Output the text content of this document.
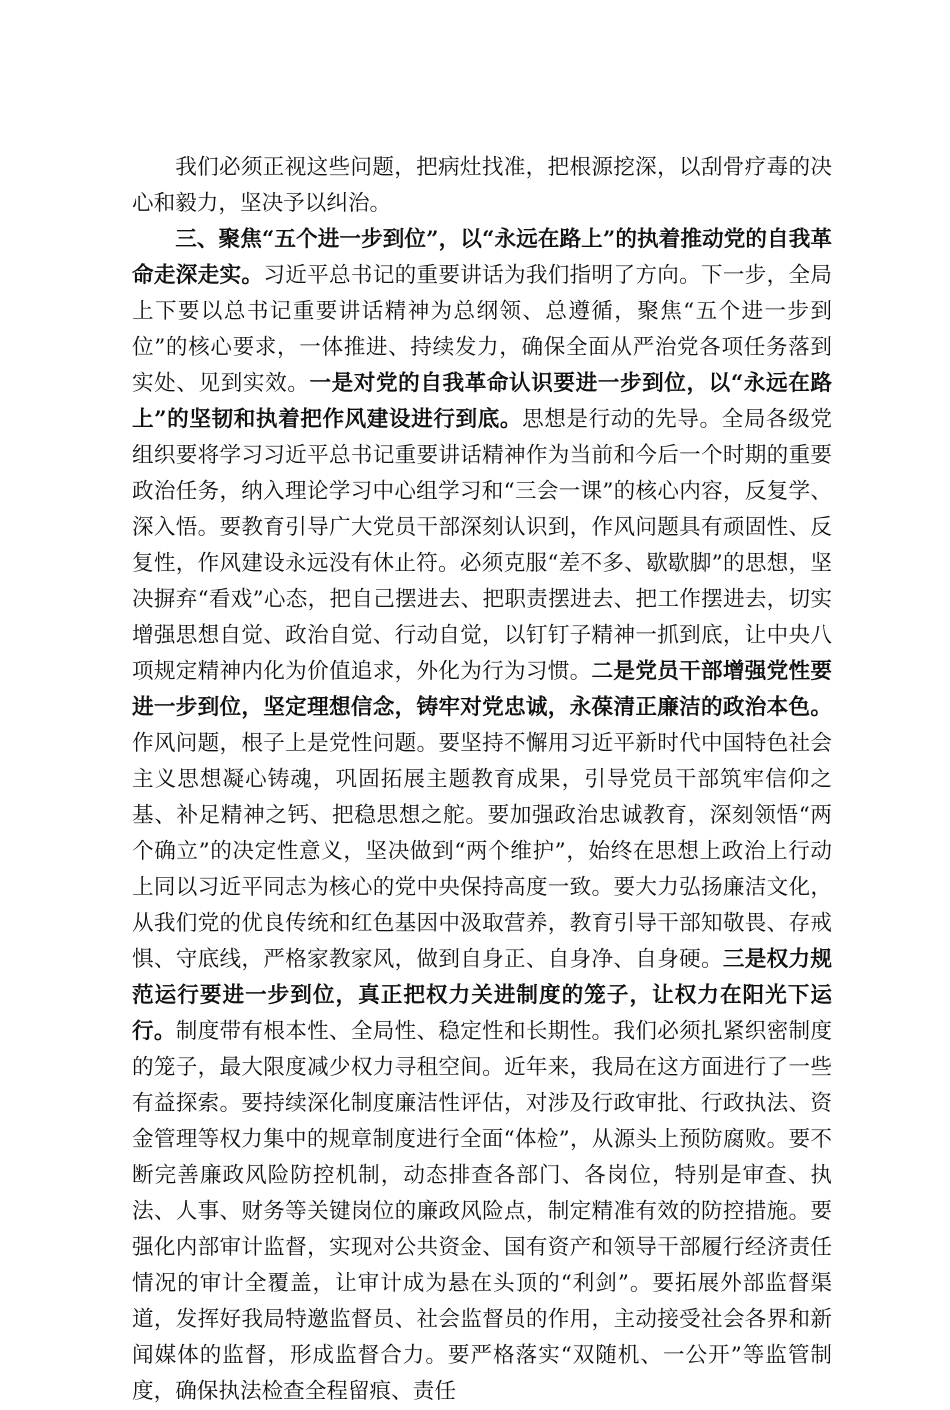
我们必须正视这些问题，把病灶找准，把根源挖深，以刮骨疗毒的决心和毅力，坚决予以纠治。

三、聚焦“五个进一步到位”，以“永远在路上”的执着推动党的自我革命走深走实。习近平总书记的重要讲话为我们指明了方向。下一步，全局上下要以总书记重要讲话精神为总纲领、总遵循，聚焦“五个进一步到位”的核心要求，一体推进、持续发力，确保全面从严治党各项任务落到实处、见到实效。一是对党的自我革命认识要进一步到位，以“永远在路上”的坚韧和执着把作风建设进行到底。思想是行动的先导。全局各级党组织要将学习习近平总书记重要讲话精神作为当前和今后一个时期的重要政治任务，纳入理论学习中心组学习和“三会一课”的核心内容，反复学、深入悟。要教育引导广大党员干部深刻认识到，作风问题具有顽固性、反复性，作风建设永远没有休止符。必须克服“差不多、歇歇脚”的思想，坚决摒弃“看戏”心态，把自己摆进去、把职责摆进去、把工作摆进去，切实增强思想自觉、政治自觉、行动自觉，以钉钉子精神一抓到底，让中央八项规定精神内化为价值追求，外化为行为习惯。二是党员干部增强党性要进一步到位，坚定理想信念，铸牢对党忠诚，永葆清正廉洁的政治本色。作风问题，根子上是党性问题。要坚持不懈用习近平新时代中国特色社会主义思想凝心铸魂，巩固拓展主题教育成果，引导党员干部筑牢信仰之基、补足精神之钙、把稳思想之舵。要加强政治忠诚教育，深刻领悟“两个确立”的决定性意义，坚决做到“两个维护”，始终在思想上政治上行动上同以习近平同志为核心的党中央保持高度一致。要大力弘扬廉洁文化，从我们党的优良传统和红色基因中汲取营养，教育引导干部知敬畏、存戒惧、守底线，严格家教家风，做到自身正、自身净、自身硬。三是权力规范运行要进一步到位，真正把权力关进制度的笼子，让权力在阳光下运行。制度带有根本性、全局性、稳定性和长期性。我们必须扎紧织密制度的笼子，最大限度减少权力寻租空间。近年来，我局在这方面进行了一些有益探索。要持续深化制度廉洁性评估，对涉及行政审批、行政执法、资金管理等权力集中的规章制度进行全面“体检”，从源头上预防腐败。要不断完善廉政风险防控机制，动态排查各部门、各岗位，特别是审查、执法、人事、财务等关键岗位的廉政风险点，制定精准有效的防控措施。要强化内部审计监督，实现对公共资金、国有资产和领导干部履行经济责任情况的审计全覆盖，让审计成为悬在头顶的“利剑”。要拓展外部监督渠道，发挥好我局特邀监督员、社会监督员的作用，主动接受社会各界和新闻媒体的监督，形成监督合力。要严格落实“双随机、一公开”等监管制度，确保执法检查全程留痕、责任
